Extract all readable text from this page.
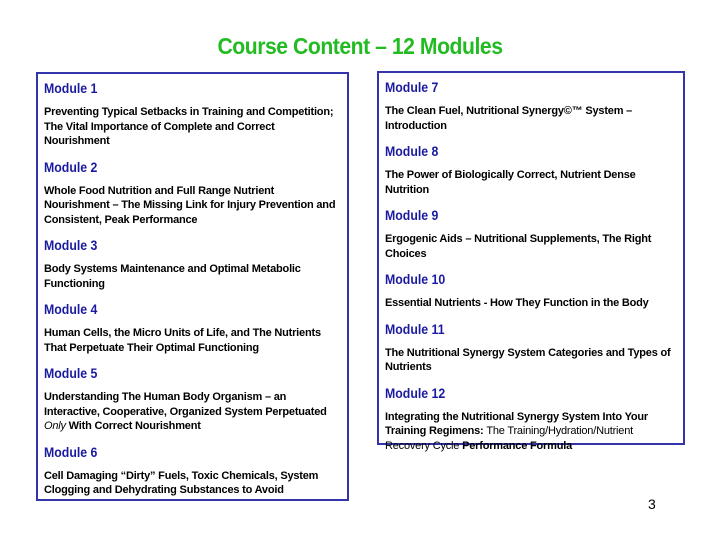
Course Content – 12 Modules
Module 1
Preventing Typical Setbacks in Training and Competition; The Vital Importance of Complete and Correct Nourishment
Module 2
Whole Food Nutrition and Full Range Nutrient Nourishment – The Missing Link for Injury Prevention and Consistent, Peak Performance
Module 3
Body Systems Maintenance and Optimal Metabolic Functioning
Module 4
Human Cells, the Micro Units of Life, and The Nutrients That Perpetuate Their Optimal Functioning
Module 5
Understanding The Human Body Organism – an Interactive, Cooperative, Organized System Perpetuated Only With Correct Nourishment
Module 6
Cell Damaging “Dirty” Fuels, Toxic Chemicals, System Clogging and Dehydrating Substances to Avoid
Module 7
The Clean Fuel, Nutritional Synergy©™ System – Introduction
Module 8
The Power of Biologically Correct, Nutrient Dense Nutrition
Module 9
Ergogenic Aids – Nutritional Supplements, The Right Choices
Module 10
Essential Nutrients - How They Function in the Body
Module 11
The Nutritional Synergy System Categories and Types of Nutrients
Module 12
Integrating the Nutritional Synergy System Into Your Training Regimens: The Training/Hydration/Nutrient Recovery Cycle Performance Formula
3
